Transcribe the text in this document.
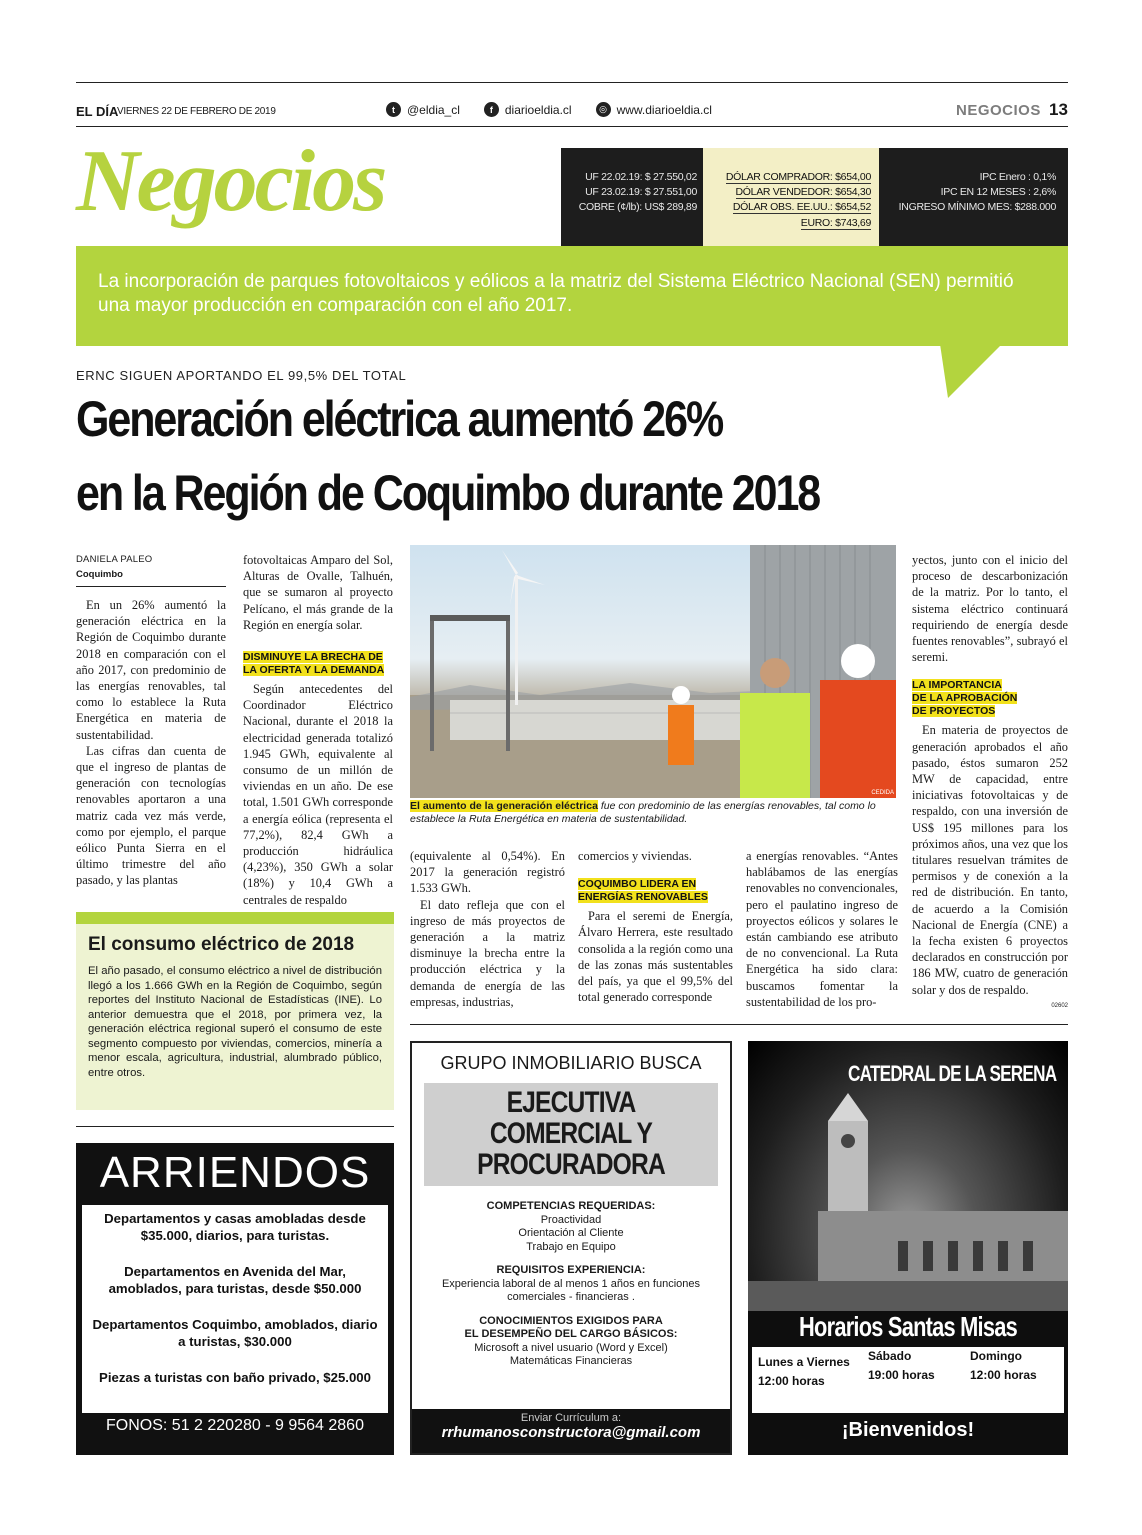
EL DÍA
VIERNES 22 DE FEBRERO DE 2019	t	@eldia_cl	f	diarioeldia.cl	◎ www.diarioeldia.cl	NEGOCIOS 13
Negocios	UF 22.02.19: $ 27.550,02
UF 23.02.19: $ 27.551,00
COBRE (¢/lb): US$ 289,89
DÓLAR COMPRADOR: $654,00
DÓLAR VENDEDOR: $654,30
DÓLAR OBS. EE.UU.: $654,52
EURO: $743,69
IPC Enero : 0,1%
IPC EN 12 MESES : 2,6%
INGRESO MÍNIMO MES: $288.000
La incorporación de parques fotovoltaicos y eólicos a la matriz del Sistema Eléctrico Nacional (SEN) permitió una mayor producción en comparación con el año 2017.
ERNC SIGUEN APORTANDO EL 99,5% DEL TOTAL
Generación eléctrica aumentó 26%
en la Región de Coquimbo durante 2018
DANIELA PALEO
Coquimbo

En un 26% aumentó la generación eléctrica en la Región de Coquimbo durante 2018 en comparación con el año 2017, con predominio de las energías renovables, tal como lo establece la Ruta Energética en materia de sustentabilidad.

Las cifras dan cuenta de que el ingreso de plantas de generación con tecnologías renovables aportaron a una matriz cada vez más verde, como por ejemplo, el parque eólico Punta Sierra en el último trimestre del año pasado, y las plantas

fotovoltaicas Amparo del Sol, Alturas de Ovalle, Talhuén, que se sumaron al proyecto Pelícano, el más grande de la Región en energía solar.

DISMINUYE LA BRECHA DE
LA OFERTA Y LA DEMANDA

Según antecedentes del Coordinador Eléctrico Nacional, durante el 2018 la electricidad generada totalizó 1.945 GWh, equivalente al consumo de un millón de viviendas en un año. De ese total, 1.501 GWh corresponde a energía eólica (representa el 77,2%), 82,4 GWh a producción hidráulica (4,23%), 350 GWh a solar (18%) y 10,4 GWh a centrales de respaldo

CEDIDA
El aumento de la generación eléctrica fue con predominio de las energías renovables, tal como lo establece la Ruta Energética en materia de sustentabilidad.

(equivalente al 0,54%). En 2017 la generación registró 1.533 GWh.

El dato refleja que con el ingreso de más proyectos de generación a la matriz disminuye la brecha entre la producción eléctrica y la demanda de energía de las empresas, industrias,

comercios y viviendas.

COQUIMBO LIDERA EN
ENERGÍAS RENOVABLES

Para el seremi de Energía, Álvaro Herrera, este resultado consolida a la región como una de las zonas más sustentables del país, ya que el 99,5% del total generado corresponde

a energías renovables. “Antes hablábamos de las energías renovables no convencionales, pero el paulatino ingreso de proyectos eólicos y solares le están cambiando ese atributo de no convencional. La Ruta Energética ha sido clara: buscamos fomentar la sustentabilidad de los pro-

yectos, junto con el inicio del proceso de descarbonización de la matriz. Por lo tanto, el sistema eléctrico continuará requiriendo de energía desde fuentes renovables”, subrayó el seremi.

LA IMPORTANCIA
DE LA APROBACIÓN
DE PROYECTOS

En materia de proyectos de generación aprobados el año pasado, éstos sumaron 252 MW de capacidad, entre iniciativas fotovoltaicas y de respaldo, con una inversión de US$ 195 millones para los próximos años, una vez que los titulares resuelvan trámites de permisos y de conexión a la red de distribución. En tanto, de acuerdo a la Comisión Nacional de Energía (CNE) a la fecha existen 6 proyectos declarados en construcción por 186 MW, cuatro de generación solar y dos de respaldo.

02602
El consumo eléctrico de 2018
El año pasado, el consumo eléctrico a nivel de distribución llegó a los 1.666 GWh en la Región de Coquimbo, según reportes del Instituto Nacional de Estadísticas (INE). Lo anterior demuestra que el 2018, por primera vez, la generación eléctrica regional superó el consumo de este segmento compuesto por viviendas, comercios, minería a menor escala, agricultura, industrial, alumbrado público, entre otros.
ARRIENDOS
Departamentos y casas amobladas desde $35.000, diarios, para turistas.
Departamentos en Avenida del Mar, amoblados, para turistas, desde $50.000
Departamentos Coquimbo, amoblados, diario a turistas, $30.000
Piezas a turistas con baño privado, $25.000
FONOS: 51 2 220280 - 9 9564 2860
GRUPO INMOBILIARIO BUSCA
EJECUTIVA
COMERCIAL Y
PROCURADORA
COMPETENCIAS REQUERIDAS:
Proactividad
Orientación al Cliente
Trabajo en Equipo
REQUISITOS EXPERIENCIA:
Experiencia laboral de al menos 1 años en funciones
comerciales - financieras .
CONOCIMIENTOS EXIGIDOS PARA
EL DESEMPEÑO DEL CARGO BÁSICOS:
Microsoft a nivel usuario (Word y Excel)
Matemáticas Financieras
Enviar Currículum a:
rrhumanosconstructora@gmail.com
CATEDRAL DE LA SERENA
Horarios Santas Misas
Lunes a Viernes
12:00 horas
Sábado
19:00 horas
Domingo
12:00 horas
¡Bienvenidos!
